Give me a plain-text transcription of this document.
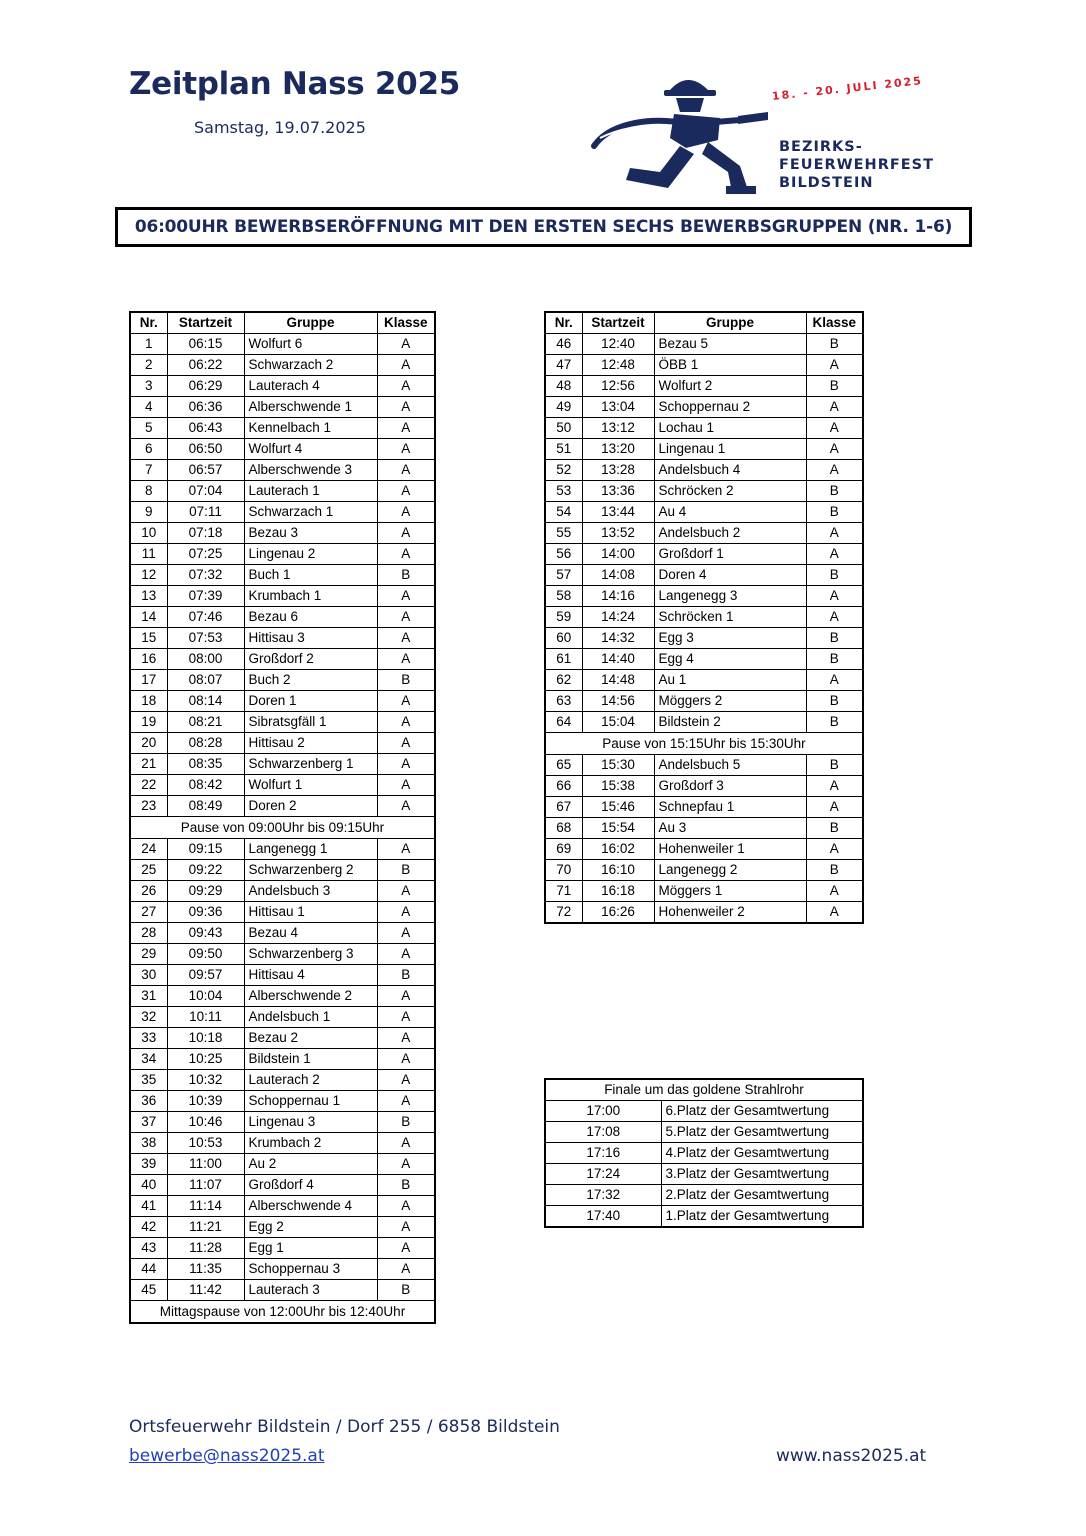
Zeitplan Nass 2025
Samstag, 19.07.2025
18. - 20. JULI 2025
BEZIRKS-
FEUERWEHRFEST
BILDSTEIN
06:00UHR BEWERBSERÖFFNUNG MIT DEN ERSTEN SECHS BEWERBSGRUPPEN (NR. 1-6)
Nr.	Startzeit	Gruppe	Klasse
1	06:15	Wolfurt 6	A
2	06:22	Schwarzach 2	A
3	06:29	Lauterach 4	A
4	06:36	Alberschwende 1	A
5	06:43	Kennelbach 1	A
6	06:50	Wolfurt 4	A
7	06:57	Alberschwende 3	A
8	07:04	Lauterach 1	A
9	07:11	Schwarzach 1	A
10	07:18	Bezau 3	A
11	07:25	Lingenau 2	A
12	07:32	Buch 1	B
13	07:39	Krumbach 1	A
14	07:46	Bezau 6	A
15	07:53	Hittisau 3	A
16	08:00	Großdorf 2	A
17	08:07	Buch 2	B
18	08:14	Doren 1	A
19	08:21	Sibratsgfäll 1	A
20	08:28	Hittisau 2	A
21	08:35	Schwarzenberg 1	A
22	08:42	Wolfurt 1	A
23	08:49	Doren 2	A
Pause von 09:00Uhr bis 09:15Uhr			
24	09:15	Langenegg 1	A
25	09:22	Schwarzenberg 2	B
26	09:29	Andelsbuch 3	A
27	09:36	Hittisau 1	A
28	09:43	Bezau 4	A
29	09:50	Schwarzenberg 3	A
30	09:57	Hittisau 4	B
31	10:04	Alberschwende 2	A
32	10:11	Andelsbuch 1	A
33	10:18	Bezau 2	A
34	10:25	Bildstein 1	A
35	10:32	Lauterach 2	A
36	10:39	Schoppernau 1	A
37	10:46	Lingenau 3	B
38	10:53	Krumbach 2	A
39	11:00	Au 2	A
40	11:07	Großdorf 4	B
41	11:14	Alberschwende 4	A
42	11:21	Egg 2	A
43	11:28	Egg 1	A
44	11:35	Schoppernau 3	A
45	11:42	Lauterach 3	B
Mittagspause von 12:00Uhr bis 12:40Uhr			
Nr.	Startzeit	Gruppe	Klasse
46	12:40	Bezau 5	B
47	12:48	ÖBB 1	A
48	12:56	Wolfurt 2	B
49	13:04	Schoppernau 2	A
50	13:12	Lochau 1	A
51	13:20	Lingenau 1	A
52	13:28	Andelsbuch 4	A
53	13:36	Schröcken 2	B
54	13:44	Au 4	B
55	13:52	Andelsbuch 2	A
56	14:00	Großdorf 1	A
57	14:08	Doren 4	B
58	14:16	Langenegg 3	A
59	14:24	Schröcken 1	A
60	14:32	Egg 3	B
61	14:40	Egg 4	B
62	14:48	Au 1	A
63	14:56	Möggers 2	B
64	15:04	Bildstein 2	B
Pause von 15:15Uhr bis 15:30Uhr			
65	15:30	Andelsbuch 5	B
66	15:38	Großdorf 3	A
67	15:46	Schnepfau 1	A
68	15:54	Au 3	B
69	16:02	Hohenweiler 1	A
70	16:10	Langenegg 2	B
71	16:18	Möggers 1	A
72	16:26	Hohenweiler 2	A
Finale um das goldene Strahlrohr	
17:00	6.Platz der Gesamtwertung
17:08	5.Platz der Gesamtwertung
17:16	4.Platz der Gesamtwertung
17:24	3.Platz der Gesamtwertung
17:32	2.Platz der Gesamtwertung
17:40	1.Platz der Gesamtwertung
Ortsfeuerwehr Bildstein / Dorf 255 / 6858 Bildstein
bewerbe@nass2025.at	www.nass2025.at
